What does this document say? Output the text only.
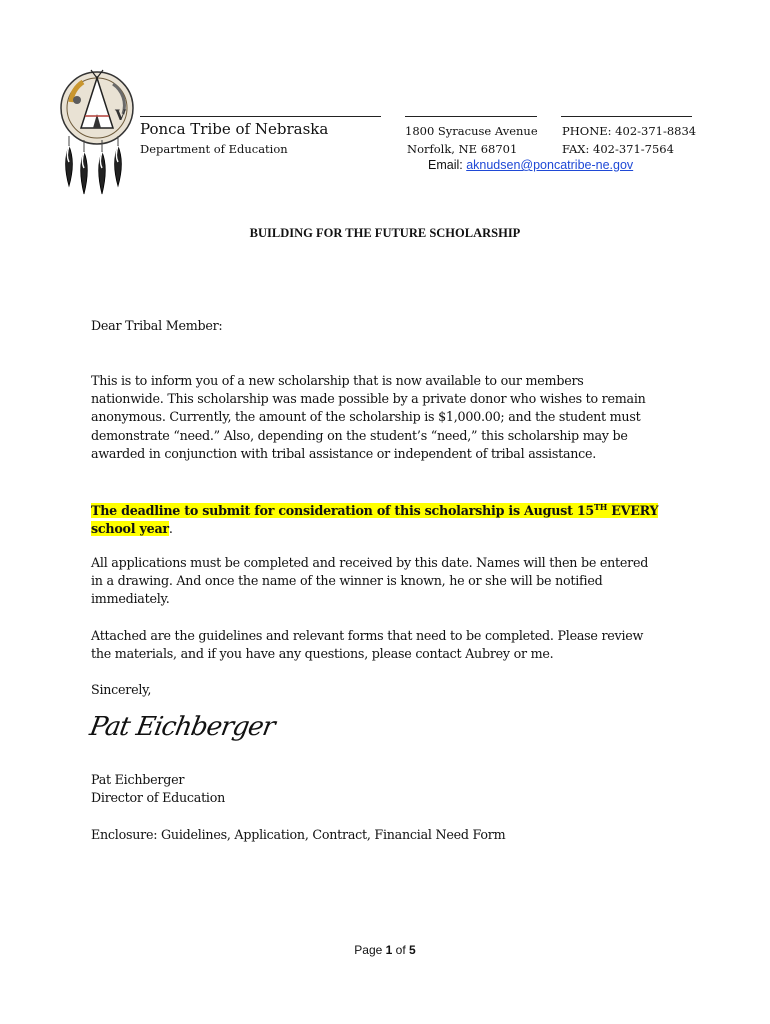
V
Ponca Tribe of Nebraska
Department of Education
1800 Syracuse Avenue
Norfolk, NE 68701
PHONE: 402-371-8834
FAX: 402-371-7564
Email: aknudsen@poncatribe-ne.gov
BUILDING FOR THE FUTURE SCHOLARSHIP
Dear Tribal Member:
This is to inform you of a new scholarship that is now available to our members nationwide. This scholarship was made possible by a private donor who wishes to remain anonymous. Currently, the amount of the scholarship is $1,000.00; and the student must demonstrate “need.” Also, depending on the student’s “need,” this scholarship may be awarded in conjunction with tribal assistance or independent of tribal assistance.
The deadline to submit for consideration of this scholarship is August 15TH EVERY school year.
All applications must be completed and received by this date. Names will then be entered in a drawing. And once the name of the winner is known, he or she will be notified immediately.
Attached are the guidelines and relevant forms that need to be completed. Please review the materials, and if you have any questions, please contact Aubrey or me.
Sincerely,
Pat Eichberger
Pat Eichberger
Director of Education
Enclosure: Guidelines, Application, Contract, Financial Need Form
Page 1 of 5
